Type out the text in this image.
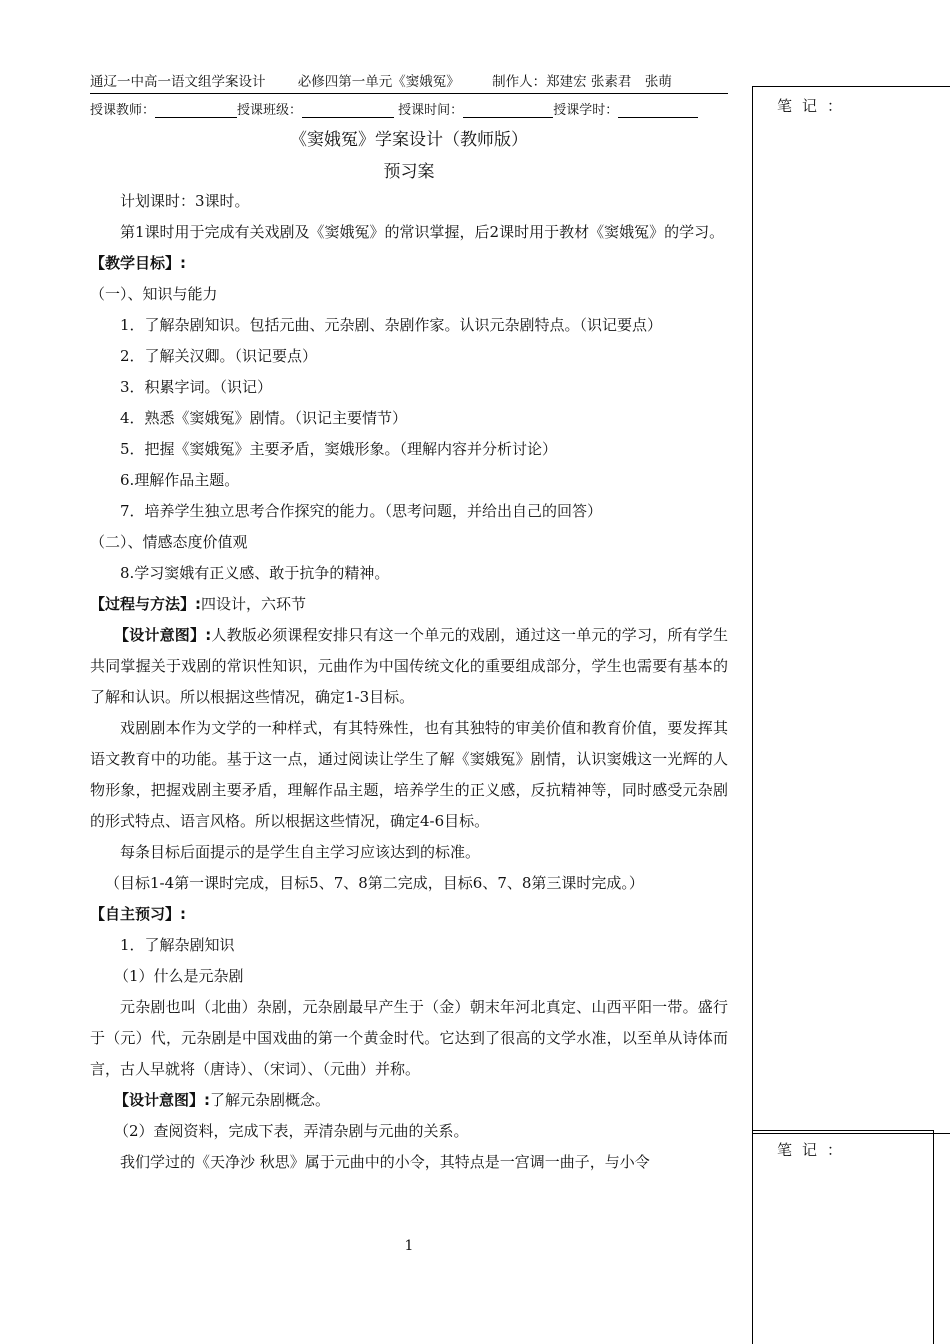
通辽一中高一语文组学案设计 必修四第一单元《窦娥冤》 制作人：郑建宏 张素君　张萌
授课教师：	授课班级：	授课时间：	授课学时：	笔记：
笔记：
《窦娥冤》学案设计（教师版）
预习案

计划课时：3课时。

第1课时用于完成有关戏剧及《窦娥冤》的常识掌握，后2课时用于教材《窦娥冤》的学习。

【教学目标】:

（一）、知识与能力

1．了解杂剧知识。包括元曲、元杂剧、杂剧作家。认识元杂剧特点。（识记要点）

2．了解关汉卿。（识记要点）

3．积累字词。（识记）

4．熟悉《窦娥冤》剧情。（识记主要情节）

5．把握《窦娥冤》主要矛盾，窦娥形象。（理解内容并分析讨论）

6.理解作品主题。

7．培养学生独立思考合作探究的能力。（思考问题，并给出自己的回答）

（二）、情感态度价值观

8.学习窦娥有正义感、敢于抗争的精神。

【过程与方法】:四设计，六环节

【设计意图】:人教版必须课程安排只有这一个单元的戏剧，通过这一单元的学习，所有学生共同掌握关于戏剧的常识性知识，元曲作为中国传统文化的重要组成部分，学生也需要有基本的了解和认识。所以根据这些情况，确定1-3目标。

戏剧剧本作为文学的一种样式，有其特殊性，也有其独特的审美价值和教育价值，要发挥其语文教育中的功能。基于这一点，通过阅读让学生了解《窦娥冤》剧情，认识窦娥这一光辉的人物形象，把握戏剧主要矛盾，理解作品主题，培养学生的正义感，反抗精神等，同时感受元杂剧的形式特点、语言风格。所以根据这些情况，确定4-6目标。

每条目标后面提示的是学生自主学习应该达到的标准。

（目标1-4第一课时完成，目标5、7、8第二完成，目标6、7、8第三课时完成。）

【自主预习】:

1．了解杂剧知识

（1）什么是元杂剧

元杂剧也叫（北曲）杂剧，元杂剧最早产生于（金）朝末年河北真定、山西平阳一带。盛行于（元）代，元杂剧是中国戏曲的第一个黄金时代。它达到了很高的文学水准，以至单从诗体而言，古人早就将（唐诗）、（宋词）、（元曲）并称。

【设计意图】:了解元杂剧概念。

（2）查阅资料，完成下表，弄清杂剧与元曲的关系。

我们学过的《天净沙 秋思》属于元曲中的小令，其特点是一宫调一曲子，与小令

1
